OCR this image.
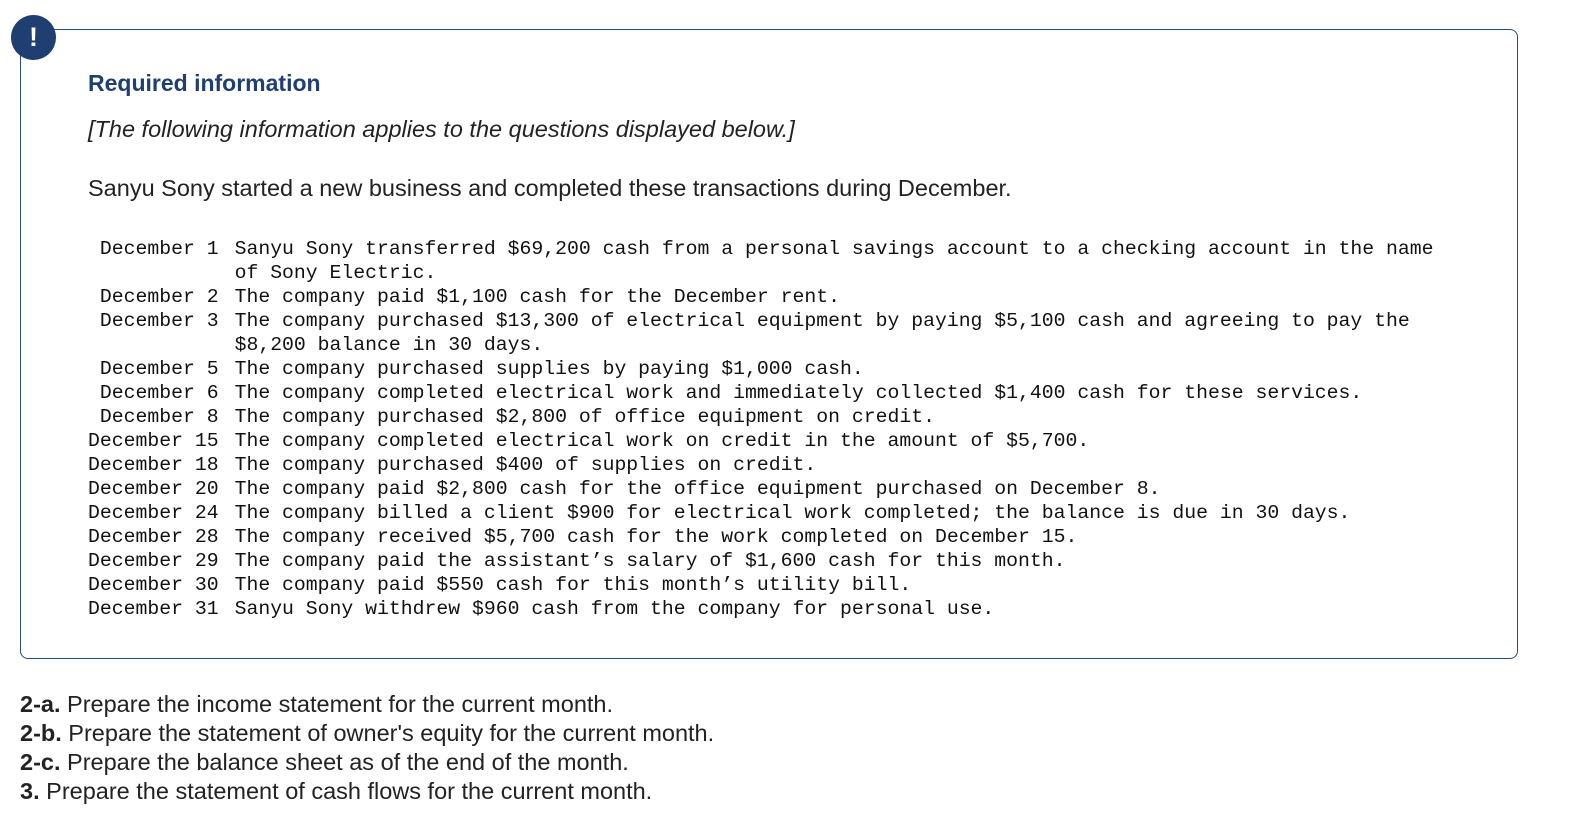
!
Required information

[The following information applies to the questions displayed below.]

Sanyu Sony started a new business and completed these transactions during December.

December 1	Sanyu Sony transferred $69,200 cash from a personal savings account to a checking account in the name of Sony Electric.
December 2	The company paid $1,100 cash for the December rent.
December 3	The company purchased $13,300 of electrical equipment by paying $5,100 cash and agreeing to pay the $8,200 balance in 30 days.
December 5	The company purchased supplies by paying $1,000 cash.
December 6	The company completed electrical work and immediately collected $1,400 cash for these services.
December 8	The company purchased $2,800 of office equipment on credit.
December 15	The company completed electrical work on credit in the amount of $5,700.
December 18	The company purchased $400 of supplies on credit.
December 20	The company paid $2,800 cash for the office equipment purchased on December 8.
December 24	The company billed a client $900 for electrical work completed; the balance is due in 30 days.
December 28	The company received $5,700 cash for the work completed on December 15.
December 29	The company paid the assistant’s salary of $1,600 cash for this month.
December 30	The company paid $550 cash for this month’s utility bill.
December 31	Sanyu Sony withdrew $960 cash from the company for personal use.
2-a. Prepare the income statement for the current month.
2-b. Prepare the statement of owner's equity for the current month.
2-c. Prepare the balance sheet as of the end of the month.
3. Prepare the statement of cash flows for the current month.
